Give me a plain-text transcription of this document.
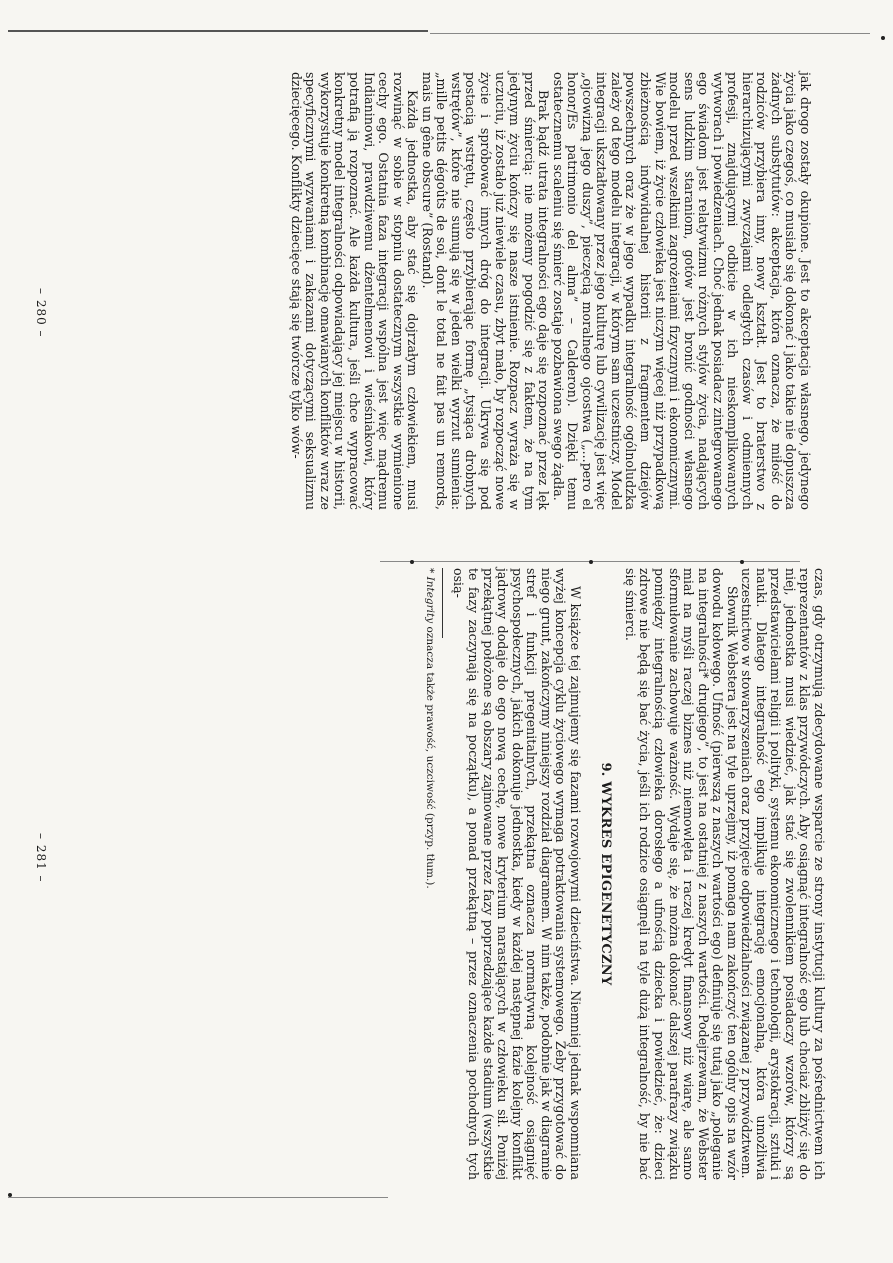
jak drogo zostały okupione. Jest to akceptacja własnego, jedynego życia jako czegoś, co musiało się dokonać i jako takie nie dopuszcza żadnych substytutów: akceptacja, która oznacza, że miłość do rodziców przybiera inny, nowy kształt. Jest to braterstwo z hierarchizującymi zwyczajami odległych czasów i odmiennych profesji, znajdującymi odbicie w ich nieskomplikowanych wytworach i powiedzeniach. Choć jednak posiadacz zintegrowanego ego świadom jest relatywizmu różnych stylów życia, nadających sens ludzkim staraniom, gotów jest bronić godności własnego modelu przed wszelkimi zagrożeniami fizycznymi i ekonomicznymi. Wie bowiem, iż życie człowieka jest niczym więcej niż przypadkową zbieżnością indywidualnej historii z fragmentem dziejów powszechnych oraz że w jego wypadku integralność ogólnoludzka zależy od tego modelu integracji, w którym sam uczestniczy. Model integracji ukształtowany przez jego kulturę lub cywilizację jest więc „ojcowizną jego duszy”, pieczęcią moralnego ojcostwa („...pero el honor/Es patrimonio del alma” – Calderon). Dzięki temu ostatecznemu scaleniu się śmierć zostaje pozbawiona swego żądła.

Brak bądź utrata integralności ego daje się rozpoznać przez lęk przed śmiercią: nie możemy pogodzić się z faktem, że na tym jedynym życiu kończy się nasze istnienie. Rozpacz wyraża się w uczuciu, iż zostało już niewiele czasu, zbyt mało, by rozpocząć nowe życie i spróbować innych dróg do integracji. Ukrywa się pod postacią wstrętu, często przybierając formę „tysiąca drobnych wstrętów”, które nie sumują się w jeden wielki wyrzut sumienia: „mille petits dégoûts de soi, dont le total ne fait pas un remords, mais un gêne obscure” (Rostand).

Każda jednostka, aby stać się dojrzałym człowiekiem, musi rozwinąć w sobie w stopniu dostatecznym wszystkie wymienione cechy ego. Ostatnia faza integracji wspólna jest więc mądremu Indianinowi, prawdziwemu dżentelmenowi i wieśniakowi, który potrafią ją rozpoznać. Ale każda kultura, jeśli chce wypracować konkretny model integralności odpowiadający jej miejscu w historii, wykorzystuje konkretną kombinację omawianych konfliktów wraz ze specyficznymi wyzwaniami i zakazami dotyczącymi seksualizmu dziecięcego. Konflikty dziecięce stają się twórcze tylko wów-

– 280 –

czas, gdy otrzymują zdecydowane wsparcie ze strony instytucji kultury za pośrednictwem ich reprezentantów z klas przywódczych. Aby osiągnąć integralność ego lub chociaż zbliżyć się do niej, jednostka musi wiedzieć, jak stać się zwolennikiem posiadaczy wzorów, którzy są przedstawicielami religii i polityki, systemu ekonomicznego i technologii, arystokracji, sztuki i nauki. Dlatego integralność ego implikuje integrację emocjonalną, która umożliwia uczestnictwo w stowarzyszeniach oraz przyjęcie odpowiedzialności związanej z przywództwem.

Słownik Webstera jest na tyle uprzejmy, iż pomaga nam zakończyć ten ogólny opis na wzór dowodu kołowego. Ufność (pierwszą z naszych wartości ego) definiuje się tutaj jako „poleganie na integralności* drugiego”, to jest na ostatniej z naszych wartości. Podejrzewam, że Webster miał na myśli raczej biznes niż niemowlęta i raczej kredyt finansowy niż wiarę, ale samo sformułowanie zachowuje ważność. Wydaje się, że można dokonać dalszej parafrazy związku pomiędzy integralnością człowieka dorosłego a ufnością dziecka i powiedzieć, że: dzieci zdrowe nie będą się bać życia, jeśli ich rodzice osiągnęli na tyle dużą integralność, by nie bać się śmierci.

9. WYKRES EPIGENETYCZNY

W książce tej zajmujemy się fazami rozwojowymi dzieciństwa. Niemniej jednak wspomniana wyżej koncepcja cyklu życiowego wymaga potraktowania systemowego. Żeby przygotować do niego grunt, zakończymy niniejszy rozdział diagramem. W nim także, podobnie jak w diagramie stref i funkcji pregenitalnych, przekątna oznacza normatywną kolejność osiągnięć psychospołecznych, jakich dokonuje jednostka, kiedy w każdej następnej fazie kolejny konflikt jądrowy dodaje do ego nową cechę, nowe kryterium narastających w człowieku sił. Poniżej przekątnej położone są obszary zajmowane przez fazy poprzedzające każde stadium (wszystkie te fazy zaczynają się na początku), a ponad przekątną – przez oznaczenia pochodnych tych osią-

* Integrity oznacza także prawość, uczciwość (przyp. tłum.).
– 281 –
